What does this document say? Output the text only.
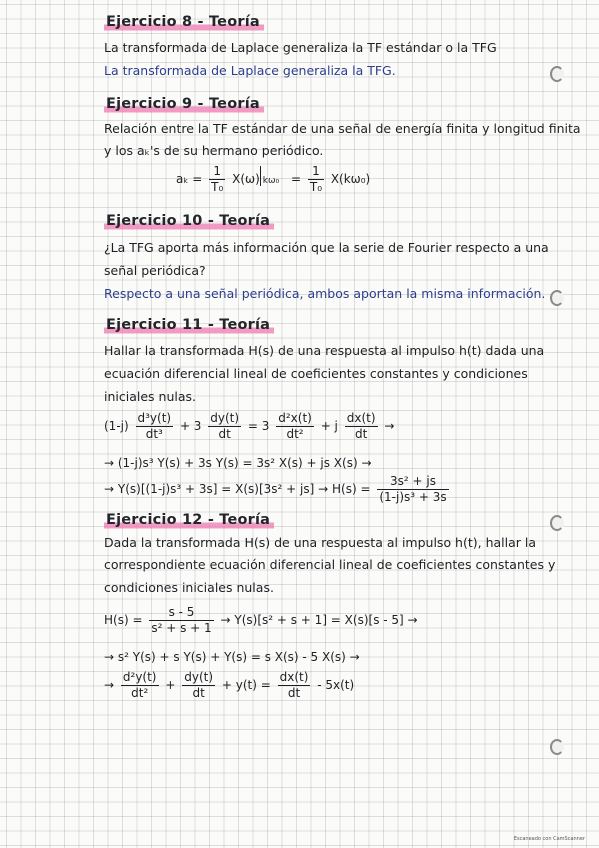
Ejercicio 8 - Teoría
La transformada de Laplace generaliza la TF estándar o la TFG
La transformada de Laplace generaliza la TFG.
Ejercicio 9 - Teoría
Relación entre la TF estándar de una señal de energía finita y longitud finita
y los aₖ's de su hermano periódico.
$a_k = \frac{1}{\text{T₀}} X(\omega) k\omega_0 = \frac{1}{\text{T₀}} X(k\omega_0)$
Ejercicio 10 - Teoría
¿La TFG aporta más información que la serie de Fourier respecto a una
señal periódica?
Respecto a una señal periódica, ambos aportan la misma información.
Ejercicio 11 - Teoría
Hallar la transformada H(s) de una respuesta al impulso h(t) dada una
ecuación diferencial lineal de coeficientes constantes y condiciones
iniciales nulas.
$(1-j) \frac{\text{d³y(t)}}{\text{dt³}} + 3 \frac{dy(t)}{dt} = 3 \frac{\text{d²x(t)}}{\text{dt²}} + j \frac{dx(t)}{dt}$ →
→ (1-j)s³ Y(s) + 3s Y(s) = 3s² X(s) + js X(s) →
→ $Y(s)[(1-j)s^3 + 3s] = X(s)[3s^2 + js] \to H(s) = \frac{\text{3s² + js}}{\text{(1-j)s³ + 3s}}$
Ejercicio 12 - Teoría
Dada la transformada H(s) de una respuesta al impulso h(t), hallar la
correspondiente ecuación diferencial lineal de coeficientes constantes y
condiciones iniciales nulas.
$H(s) = \frac{s - 5}{\text{s² + s + 1}} \to Y(s)[s^2 + s + 1] = X(s)[s - 5]$ →
→ s² Y(s) + s Y(s) + Y(s) = s X(s) - 5 X(s) →
→ $\frac{\text{d²y(t)}}{\text{dt²}} + \frac{dy(t)}{dt} + y(t) = \frac{dx(t)}{dt} - 5x(t)$
Escaneado con CamScanner
